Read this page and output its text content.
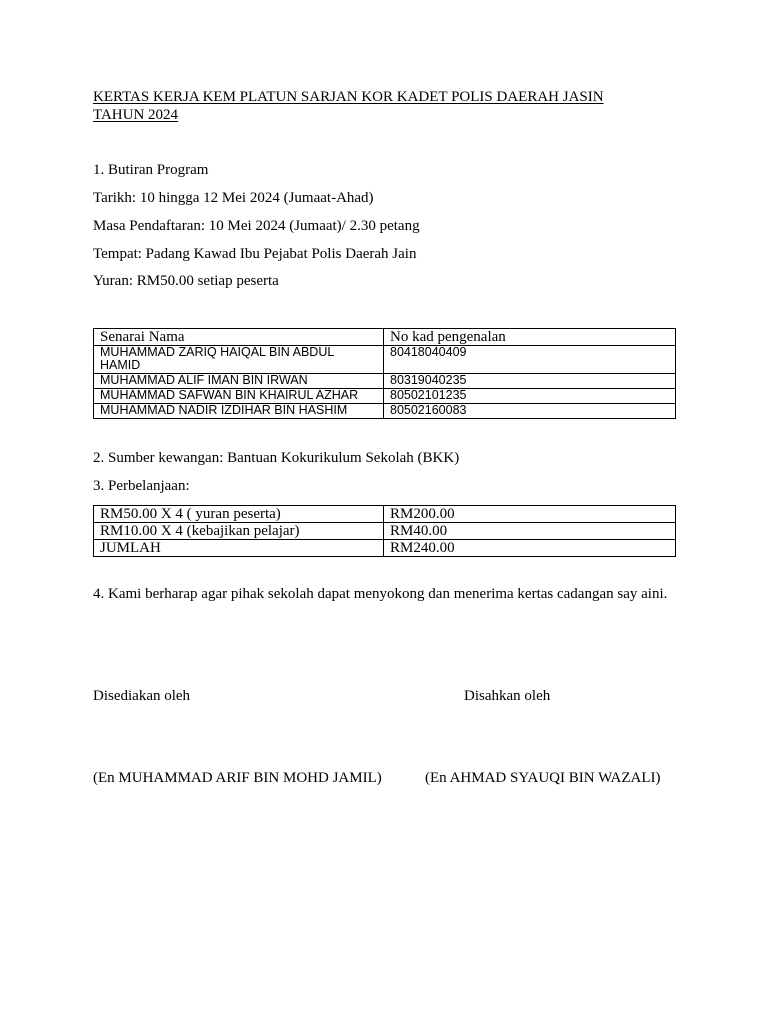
KERTAS KERJA KEM PLATUN SARJAN KOR KADET POLIS DAERAH JASIN TAHUN 2024
1. Butiran Program
Tarikh: 10 hingga 12 Mei 2024 (Jumaat-Ahad)
Masa Pendaftaran: 10 Mei 2024 (Jumaat)/ 2.30 petang
Tempat: Padang Kawad Ibu Pejabat Polis Daerah Jain
Yuran: RM50.00 setiap peserta
Senarai Nama	No kad pengenalan
MUHAMMAD ZARIQ HAIQAL BIN ABDUL HAMID	80418040409
MUHAMMAD ALIF IMAN BIN IRWAN	80319040235
MUHAMMAD SAFWAN BIN KHAIRUL AZHAR	80502101235
MUHAMMAD NADIR IZDIHAR BIN HASHIM	80502160083
2. Sumber kewangan: Bantuan Kokurikulum Sekolah (BKK)
3. Perbelanjaan:
RM50.00 X 4 ( yuran peserta)	RM200.00
RM10.00 X 4 (kebajikan pelajar)	RM40.00
JUMLAH	RM240.00
4. Kami berharap agar pihak sekolah dapat menyokong dan menerima kertas cadangan say aini.
Disediakan oleh	Disahkan oleh
(En MUHAMMAD ARIF BIN MOHD JAMIL)	(En AHMAD SYAUQI BIN WAZALI)
